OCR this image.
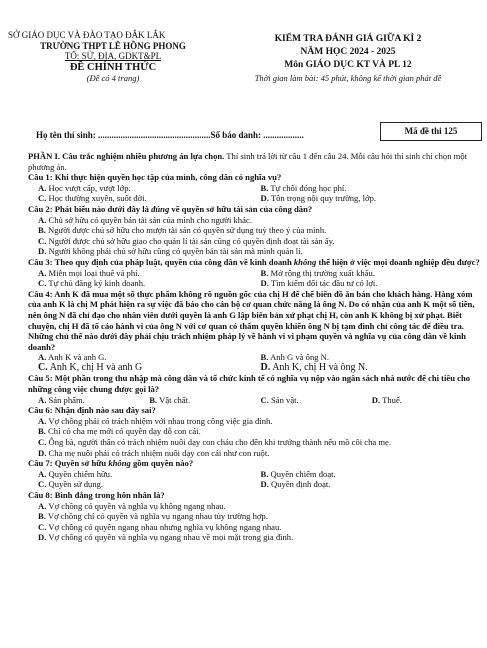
SỞ GIÁO DỤC VÀ ĐÀO TẠO ĐẮK LẮK
TRƯỜNG THPT LÊ HỒNG PHONG
TỔ: SỬ, ĐỊA, GDKT&PL
ĐỀ CHÍNH THỨC
(Đề có 4 trang)
KIỂM TRA ĐÁNH GIÁ GIỮA KÌ 2
NĂM HỌC 2024 - 2025
Môn GIÁO DỤC KT VÀ PL 12
Thời gian làm bài: 45 phút, không kể thời gian phát đề
Họ tên thí sinh: ..................................................Số báo danh: ..................	Mã đề thi 125

PHẦN I. Câu trắc nghiệm nhiều phương án lựa chọn. Thí sinh trả lời từ câu 1 đến câu 24. Mỗi câu hỏi thí sinh chỉ chọn một phương án.

Câu 1: Khi thực hiện quyền học tập của mình, công dân có nghĩa vụ?

A. Học vượt cấp, vượt lớp.	B. Tự chối đóng học phí.
C. Học thường xuyên, suốt đời.	D. Tôn trọng nội quy trường, lớp.

Câu 2: Phát biểu nào dưới đây là đúng về quyền sở hữu tài sản của công dân?

A. Chủ sở hữu có quyền bán tài sản của mình cho người khác.
B. Người được chủ sở hữu cho mượn tài sản có quyền sử dụng tuỳ theo ý của mình.
C. Người được chủ sở hữu giao cho quản lí tài sản cũng có quyền định đoạt tài sản ấy.
D. Người không phải chủ sở hữu cũng có quyền bán tài sản mà mình quản lí.

Câu 3: Theo quy định của pháp luật, quyền của công dân về kinh doanh không thể hiện ở việc mọi doanh nghiệp đều được?

A. Miễn mọi loại thuế vả phí.	B. Mở rộng thị trường xuất khẩu.
C. Tự chủ đăng ký kinh doanh.	D. Tìm kiếm đối tác đầu tư có lợi.

Câu 4: Anh K đã mua một số thực phẩm không rõ nguồn gốc của chị H để chế biến đồ ăn bán cho khách hàng. Hàng xóm của anh K là chị M phát hiện ra sự việc đã báo cho cán bộ cơ quan chức năng là ông N. Do có nhận của anh K một số tiền, nên ông N đã chỉ đạo cho nhân viên dưới quyền là anh G lập biên bản xử phạt chị H, còn anh K không bị xử phạt. Biết chuyện, chị H đã tố cáo hành vi của ông N với cơ quan có thẩm quyền khiến ông N bị tạm đình chỉ công tác để điều tra. Những chủ thể nào dưới đây phải chịu trách nhiệm pháp lý về hành vi vi phạm quyền và nghĩa vụ của công dân về kinh doanh?

A. Anh K và anh G.	B. Anh G và ông N.
C. Anh K, chị H và anh G	D. Anh K, chị H và ông N.

Câu 5: Một phần trong thu nhập mà công dân và tổ chức kinh tế có nghĩa vụ nộp vào ngân sách nhà nước để chi tiêu cho những công việc chung được gọi là?

A. Sản phẩm.	B. Vật chất.	C. Sản vật.	D. Thuế.

Câu 6: Nhận định nào sau đây sai?

A. Vợ chồng phải có trách nhiệm với nhau trong công việc gia đình.
B. Chỉ có cha mẹ mới có quyền dạy dỗ con cái.
C. Ông bà, người thân có trách nhiệm nuôi dạy con cháu cho đến khi trưởng thành nếu mồ côi cha mẹ.
D. Cha mẹ nuôi phải có trách nhiệm nuôi dạy con cái như con ruột.

Câu 7: Quyền sở hữu không gồm quyền nào?

A. Quyền chiếm hữu.	B. Quyền chiếm đoạt.
C. Quyền sử dụng.	D. Quyền định đoạt.

Câu 8: Bình đẳng trong hôn nhân là?

A. Vợ chồng có quyền và nghĩa vụ không ngang nhau.
B. Vợ chồng chỉ có quyền và nghĩa vụ ngang nhau tùy trường hợp.
C. Vợ chồng có quyền ngang nhau nhưng nghĩa vụ không ngang nhau.
D. Vợ chồng có quyền và nghĩa vụ ngang nhau về mọi mặt trong gia đình.
